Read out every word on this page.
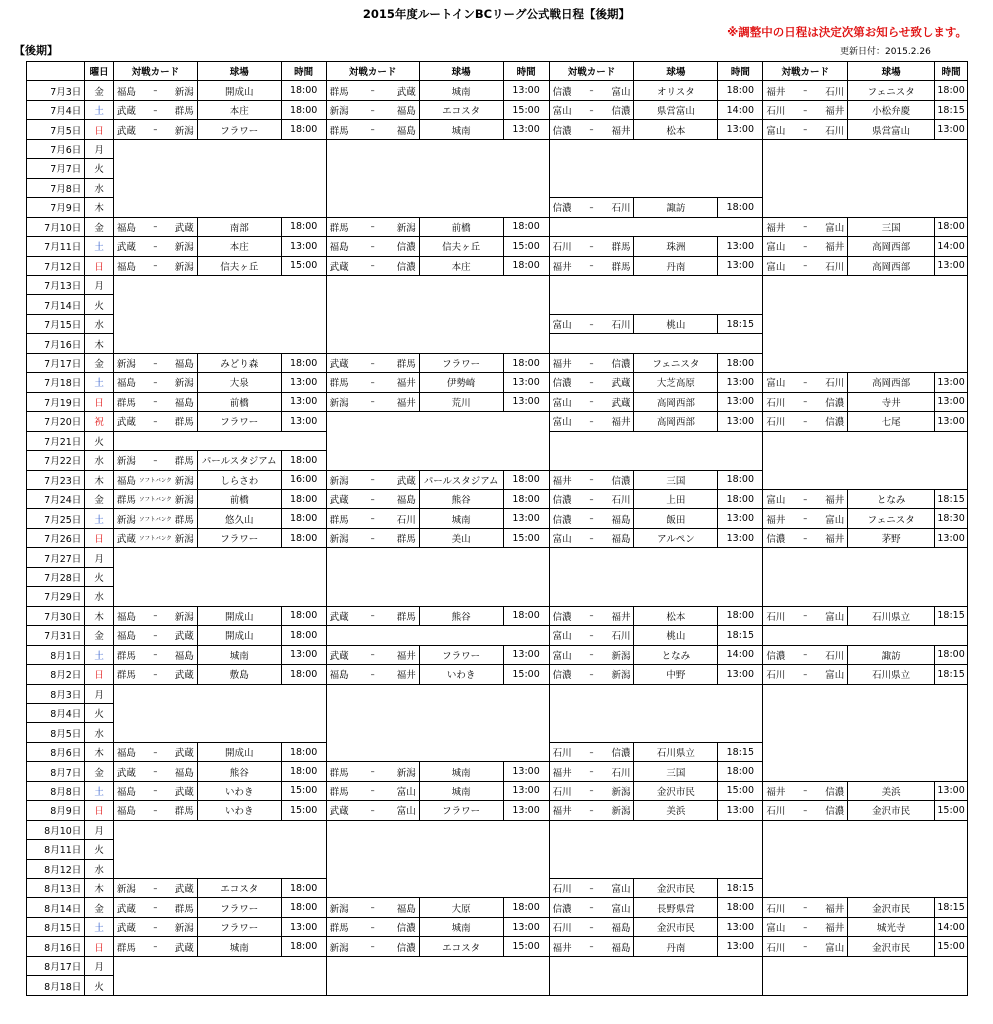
2015年度ルートインBCリーグ公式戦日程【後期】
※調整中の日程は決定次第お知らせ致します。
【後期】	更新日付：2015.2.26
	曜日	対戦カード	球場	時間	対戦カード	球場	時間	対戦カード	球場	時間	対戦カード	球場	時間
7月3日	金	福島 – 新潟	開成山	18:00	群馬 – 武蔵	城南	13:00	信濃 – 富山	オリスタ	18:00	福井 – 石川	フェニスタ	18:00
7月4日	土	武蔵 – 群馬	本庄	18:00	新潟 – 福島	エコスタ	15:00	富山 – 信濃	県営富山	14:00	石川 – 福井	小松弁慶	18:15
7月5日	日	武蔵 – 新潟	フラワー	18:00	群馬 – 福島	城南	13:00	信濃 – 福井	松本	13:00	富山 – 石川	県営富山	13:00
7月6日	月												
7月7日	火												
7月8日	水												
7月9日	木							信濃 – 石川	諏訪	18:00			
7月10日	金	福島 – 武蔵	南部	18:00	群馬 – 新潟	前橋	18:00				福井 – 富山	三国	18:00
7月11日	土	武蔵 – 新潟	本庄	13:00	福島 – 信濃	信夫ヶ丘	15:00	石川 – 群馬	珠洲	13:00	富山 – 福井	高岡西部	14:00
7月12日	日	福島 – 新潟	信夫ヶ丘	15:00	武蔵 – 信濃	本庄	18:00	福井 – 群馬	丹南	13:00	富山 – 石川	高岡西部	13:00
7月13日	月												
7月14日	火												
7月15日	水							富山 – 石川	桃山	18:15			
7月16日	木												
7月17日	金	新潟 – 福島	みどり森	18:00	武蔵 – 群馬	フラワー	18:00	福井 – 信濃	フェニスタ	18:00			
7月18日	土	福島 – 新潟	大泉	13:00	群馬 – 福井	伊勢崎	13:00	信濃 – 武蔵	大芝高原	13:00	富山 – 石川	高岡西部	13:00
7月19日	日	群馬 – 福島	前橋	13:00	新潟 – 福井	荒川	13:00	富山 – 武蔵	高岡西部	13:00	石川 – 信濃	寺井	13:00
7月20日	祝	武蔵 – 群馬	フラワー	13:00				富山 – 福井	高岡西部	13:00	石川 – 信濃	七尾	13:00
7月21日	火												
7月22日	水	新潟 – 群馬	パールスタジアム	18:00									
7月23日	木	福島 ソフトバンク 新潟	しらさわ	16:00	新潟 – 武蔵	パールスタジアム	18:00	福井 – 信濃	三国	18:00			
7月24日	金	群馬 ソフトバンク 新潟	前橋	18:00	武蔵 – 福島	熊谷	18:00	信濃 – 石川	上田	18:00	富山 – 福井	となみ	18:15
7月25日	土	新潟 ソフトバンク 群馬	悠久山	18:00	群馬 – 石川	城南	13:00	信濃 – 福島	飯田	13:00	福井 – 富山	フェニスタ	18:30
7月26日	日	武蔵 ソフトバンク 新潟	フラワー	18:00	新潟 – 群馬	美山	15:00	富山 – 福島	アルペン	13:00	信濃 – 福井	茅野	13:00
7月27日	月												
7月28日	火												
7月29日	水												
7月30日	木	福島 – 新潟	開成山	18:00	武蔵 – 群馬	熊谷	18:00	信濃 – 福井	松本	18:00	石川 – 富山	石川県立	18:15
7月31日	金	福島 – 武蔵	開成山	18:00				富山 – 石川	桃山	18:15			
8月1日	土	群馬 – 福島	城南	13:00	武蔵 – 福井	フラワー	13:00	富山 – 新潟	となみ	14:00	信濃 – 石川	諏訪	18:00
8月2日	日	群馬 – 武蔵	敷島	18:00	福島 – 福井	いわき	15:00	信濃 – 新潟	中野	13:00	石川 – 富山	石川県立	18:15
8月3日	月												
8月4日	火												
8月5日	水												
8月6日	木	福島 – 武蔵	開成山	18:00				石川 – 信濃	石川県立	18:15			
8月7日	金	武蔵 – 福島	熊谷	18:00	群馬 – 新潟	城南	13:00	福井 – 石川	三国	18:00			
8月8日	土	福島 – 武蔵	いわき	15:00	群馬 – 富山	城南	13:00	石川 – 新潟	金沢市民	15:00	福井 – 信濃	美浜	13:00
8月9日	日	福島 – 群馬	いわき	15:00	武蔵 – 富山	フラワー	13:00	福井 – 新潟	美浜	13:00	石川 – 信濃	金沢市民	15:00
8月10日	月												
8月11日	火												
8月12日	水												
8月13日	木	新潟 – 武蔵	エコスタ	18:00				石川 – 富山	金沢市民	18:15			
8月14日	金	武蔵 – 群馬	フラワー	18:00	新潟 – 福島	大原	18:00	信濃 – 富山	長野県営	18:00	石川 – 福井	金沢市民	18:15
8月15日	土	武蔵 – 新潟	フラワー	13:00	群馬 – 信濃	城南	13:00	石川 – 福島	金沢市民	13:00	富山 – 福井	城光寺	14:00
8月16日	日	群馬 – 武蔵	城南	18:00	新潟 – 信濃	エコスタ	15:00	福井 – 福島	丹南	13:00	石川 – 富山	金沢市民	15:00
8月17日	月												
8月18日	火												
